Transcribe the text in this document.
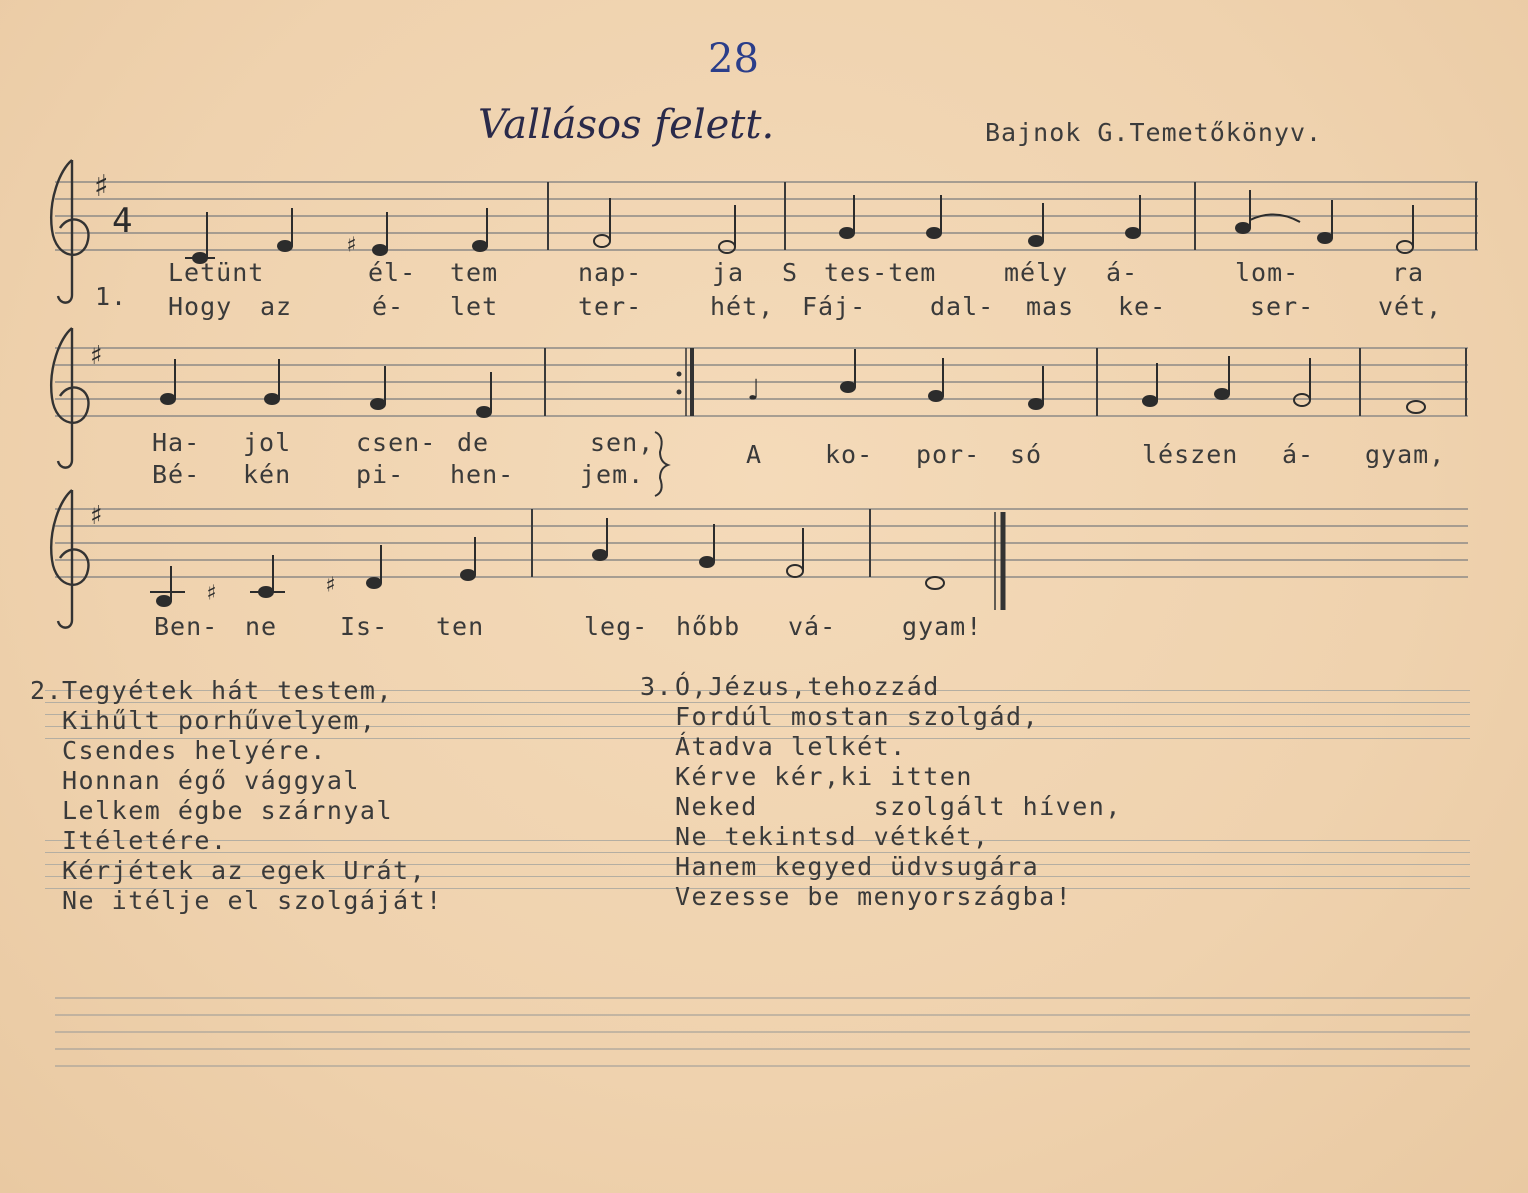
28
Vallásos felett.	Bajnok G.Temetőkönyv.
♯
4
♯
♯
♯
♩
♯	♯
1.
Letünt	él- tem	nap-	ja S tes-tem	mély á-	lom-	ra
Hogy az	é- let	ter-	hét, Fáj-	dal- mas ke-	ser-	vét,
Ha- jol	csen- de	sen,
Bé- kén	pi- hen-	jem.
A	ko- por- só	lészen á- gyam,
Ben- ne	Is- ten	leg- hőbb vá-	gyam!
2.
Tegyétek hát testem,
Kihűlt porhűvelyem,
Csendes helyére.
Honnan égő vággyal
Lelkem égbe szárnyal
Itéletére.
Kérjétek az egek Urát,
Ne itélje el szolgáját!
3. Ó,Jézus,tehozzád
Fordúl mostan szolgád,
Átadva lelkét.
Kérve kér,ki itten
Neked       szolgált híven,
Ne tekintsd vétkét,
Hanem kegyed üdvsugára
Vezesse be menyországba!
